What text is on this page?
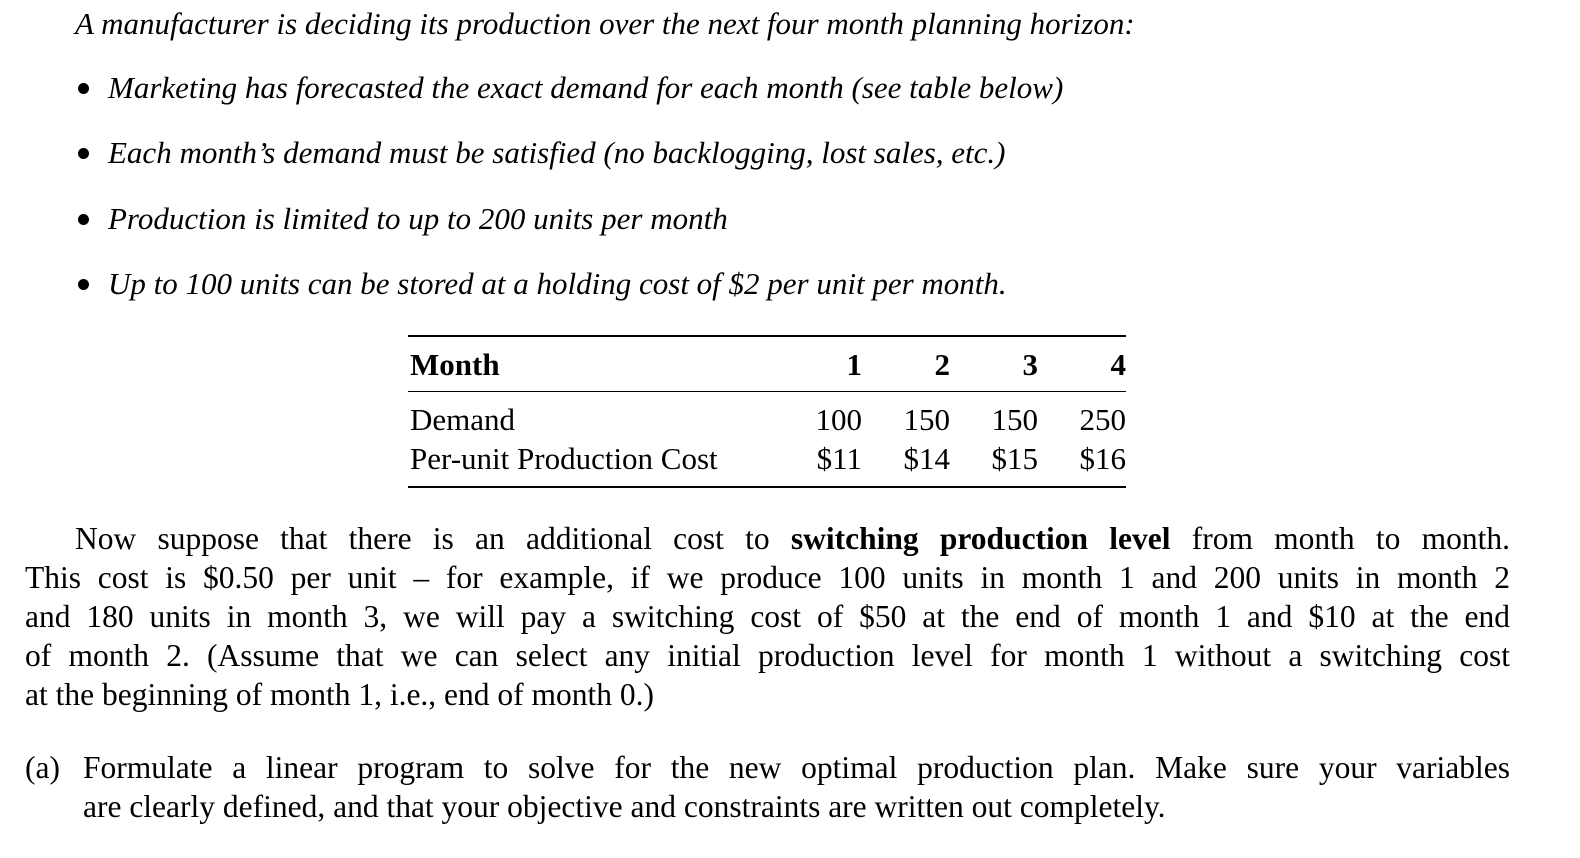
A manufacturer is deciding its production over the next four month planning horizon:
Marketing has forecasted the exact demand for each month (see table below)
Each month’s demand must be satisfied (no backlogging, lost sales, etc.)
Production is limited to up to 200 units per month
Up to 100 units can be stored at a holding cost of $2 per unit per month.
Month	1 2 3 4
Demand	100 150 150 250
Per-unit Production Cost	$11 $14 $15 $16
Now suppose that there is an additional cost to switching production level from month to month.
This cost is $0.50 per unit – for example, if we produce 100 units in month 1 and 200 units in month 2
and 180 units in month 3, we will pay a switching cost of $50 at the end of month 1 and $10 at the end
of month 2. (Assume that we can select any initial production level for month 1 without a switching cost
at the beginning of month 1, i.e., end of month 0.)
(a) Formulate a linear program to solve for the new optimal production plan. Make sure your variables
are clearly defined, and that your objective and constraints are written out completely.
